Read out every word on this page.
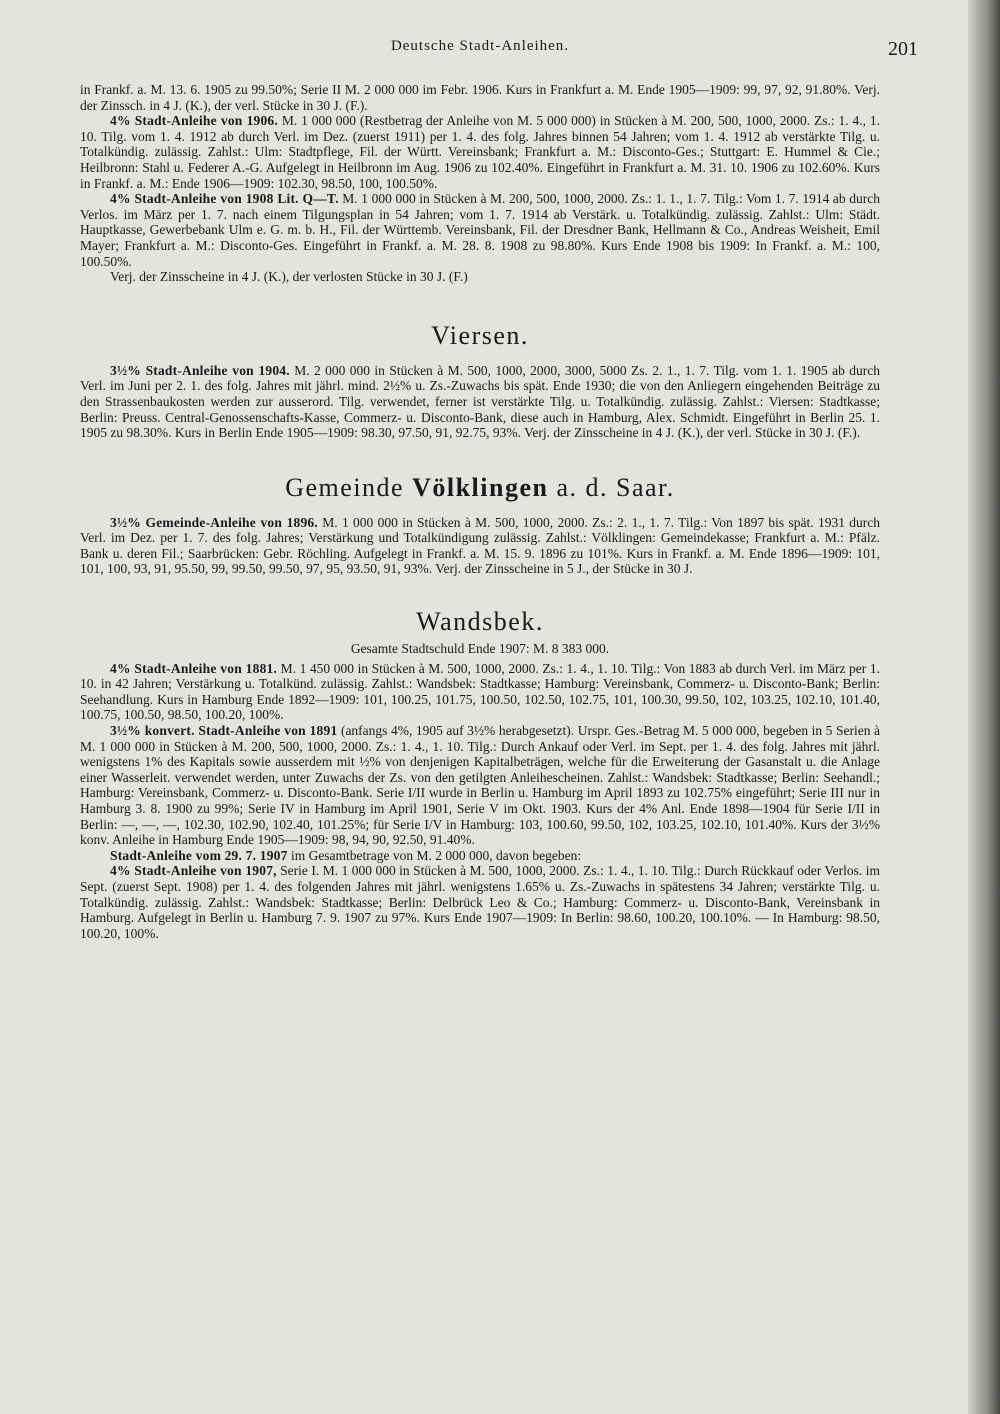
Deutsche Stadt-Anleihen.	201

in Frankf. a. M. 13. 6. 1905 zu 99.50%; Serie II M. 2 000 000 im Febr. 1906. Kurs in Frankfurt a. M. Ende 1905—1909: 99, 97, 92, 91.80%. Verj. der Zinssch. in 4 J. (K.), der verl. Stücke in 30 J. (F.).

4% Stadt-Anleihe von 1906. M. 1 000 000 (Restbetrag der Anleihe von M. 5 000 000) in Stücken à M. 200, 500, 1000, 2000. Zs.: 1. 4., 1. 10. Tilg. vom 1. 4. 1912 ab durch Verl. im Dez. (zuerst 1911) per 1. 4. des folg. Jahres binnen 54 Jahren; vom 1. 4. 1912 ab verstärkte Tilg. u. Totalkündig. zulässig. Zahlst.: Ulm: Stadtpflege, Fil. der Württ. Vereinsbank; Frankfurt a. M.: Disconto-Ges.; Stuttgart: E. Hummel & Cie.; Heilbronn: Stahl u. Federer A.-G. Aufgelegt in Heilbronn im Aug. 1906 zu 102.40%. Eingeführt in Frankfurt a. M. 31. 10. 1906 zu 102.60%. Kurs in Frankf. a. M.: Ende 1906—1909: 102.30, 98.50, 100, 100.50%.

4% Stadt-Anleihe von 1908 Lit. Q—T. M. 1 000 000 in Stücken à M. 200, 500, 1000, 2000. Zs.: 1. 1., 1. 7. Tilg.: Vom 1. 7. 1914 ab durch Verlos. im März per 1. 7. nach einem Tilgungsplan in 54 Jahren; vom 1. 7. 1914 ab Verstärk. u. Totalkündig. zulässig. Zahlst.: Ulm: Städt. Hauptkasse, Gewerbebank Ulm e. G. m. b. H., Fil. der Württemb. Vereinsbank, Fil. der Dresdner Bank, Hellmann & Co., Andreas Weisheit, Emil Mayer; Frankfurt a. M.: Disconto-Ges. Eingeführt in Frankf. a. M. 28. 8. 1908 zu 98.80%. Kurs Ende 1908 bis 1909: In Frankf. a. M.: 100, 100.50%.

Verj. der Zinsscheine in 4 J. (K.), der verlosten Stücke in 30 J. (F.)

Viersen.

3½% Stadt-Anleihe von 1904. M. 2 000 000 in Stücken à M. 500, 1000, 2000, 3000, 5000 Zs. 2. 1., 1. 7. Tilg. vom 1. 1. 1905 ab durch Verl. im Juni per 2. 1. des folg. Jahres mit jährl. mind. 2½% u. Zs.-Zuwachs bis spät. Ende 1930; die von den Anliegern eingehenden Beiträge zu den Strassenbaukosten werden zur ausserord. Tilg. verwendet, ferner ist verstärkte Tilg. u. Totalkündig. zulässig. Zahlst.: Viersen: Stadtkasse; Berlin: Preuss. Central-Genossenschafts-Kasse, Commerz- u. Disconto-Bank, diese auch in Hamburg, Alex. Schmidt. Eingeführt in Berlin 25. 1. 1905 zu 98.30%. Kurs in Berlin Ende 1905—1909: 98.30, 97.50, 91, 92.75, 93%. Verj. der Zinsscheine in 4 J. (K.), der verl. Stücke in 30 J. (F.).

Gemeinde Völklingen a. d. Saar.

3½% Gemeinde-Anleihe von 1896. M. 1 000 000 in Stücken à M. 500, 1000, 2000. Zs.: 2. 1., 1. 7. Tilg.: Von 1897 bis spät. 1931 durch Verl. im Dez. per 1. 7. des folg. Jahres; Verstärkung und Totalkündigung zulässig. Zahlst.: Völklingen: Gemeindekasse; Frankfurt a. M.: Pfälz. Bank u. deren Fil.; Saarbrücken: Gebr. Röchling. Aufgelegt in Frankf. a. M. 15. 9. 1896 zu 101%. Kurs in Frankf. a. M. Ende 1896—1909: 101, 101, 100, 93, 91, 95.50, 99, 99.50, 99.50, 97, 95, 93.50, 91, 93%. Verj. der Zinsscheine in 5 J., der Stücke in 30 J.

Wandsbek.
Gesamte Stadtschuld Ende 1907: M. 8 383 000.

4% Stadt-Anleihe von 1881. M. 1 450 000 in Stücken à M. 500, 1000, 2000. Zs.: 1. 4., 1. 10. Tilg.: Von 1883 ab durch Verl. im März per 1. 10. in 42 Jahren; Verstärkung u. Totalkünd. zulässig. Zahlst.: Wandsbek: Stadtkasse; Hamburg: Vereinsbank, Commerz- u. Disconto-Bank; Berlin: Seehandlung. Kurs in Hamburg Ende 1892—1909: 101, 100.25, 101.75, 100.50, 102.50, 102.75, 101, 100.30, 99.50, 102, 103.25, 102.10, 101.40, 100.75, 100.50, 98.50, 100.20, 100%.

3½% konvert. Stadt-Anleihe von 1891 (anfangs 4%, 1905 auf 3½% herabgesetzt). Urspr. Ges.-Betrag M. 5 000 000, begeben in 5 Serien à M. 1 000 000 in Stücken à M. 200, 500, 1000, 2000. Zs.: 1. 4., 1. 10. Tilg.: Durch Ankauf oder Verl. im Sept. per 1. 4. des folg. Jahres mit jährl. wenigstens 1% des Kapitals sowie ausserdem mit ½% von denjenigen Kapitalbeträgen, welche für die Erweiterung der Gasanstalt u. die Anlage einer Wasserleit. verwendet werden, unter Zuwachs der Zs. von den getilgten Anleihescheinen. Zahlst.: Wandsbek: Stadtkasse; Berlin: Seehandl.; Hamburg: Vereinsbank, Commerz- u. Disconto-Bank. Serie I/II wurde in Berlin u. Hamburg im April 1893 zu 102.75% eingeführt; Serie III nur in Hamburg 3. 8. 1900 zu 99%; Serie IV in Hamburg im April 1901, Serie V im Okt. 1903. Kurs der 4% Anl. Ende 1898—1904 für Serie I/II in Berlin: —, —, —, 102.30, 102.90, 102.40, 101.25%; für Serie I/V in Hamburg: 103, 100.60, 99.50, 102, 103.25, 102.10, 101.40%. Kurs der 3½% konv. Anleihe in Hamburg Ende 1905—1909: 98, 94, 90, 92.50, 91.40%.

Stadt-Anleihe vom 29. 7. 1907 im Gesamtbetrage von M. 2 000 000, davon begeben:

4% Stadt-Anleihe von 1907, Serie I. M. 1 000 000 in Stücken à M. 500, 1000, 2000. Zs.: 1. 4., 1. 10. Tilg.: Durch Rückkauf oder Verlos. im Sept. (zuerst Sept. 1908) per 1. 4. des folgenden Jahres mit jährl. wenigstens 1.65% u. Zs.-Zuwachs in spätestens 34 Jahren; verstärkte Tilg. u. Totalkündig. zulässig. Zahlst.: Wandsbek: Stadtkasse; Berlin: Delbrück Leo & Co.; Hamburg: Commerz- u. Disconto-Bank, Vereinsbank in Hamburg. Aufgelegt in Berlin u. Hamburg 7. 9. 1907 zu 97%. Kurs Ende 1907—1909: In Berlin: 98.60, 100.20, 100.10%. — In Hamburg: 98.50, 100.20, 100%.
